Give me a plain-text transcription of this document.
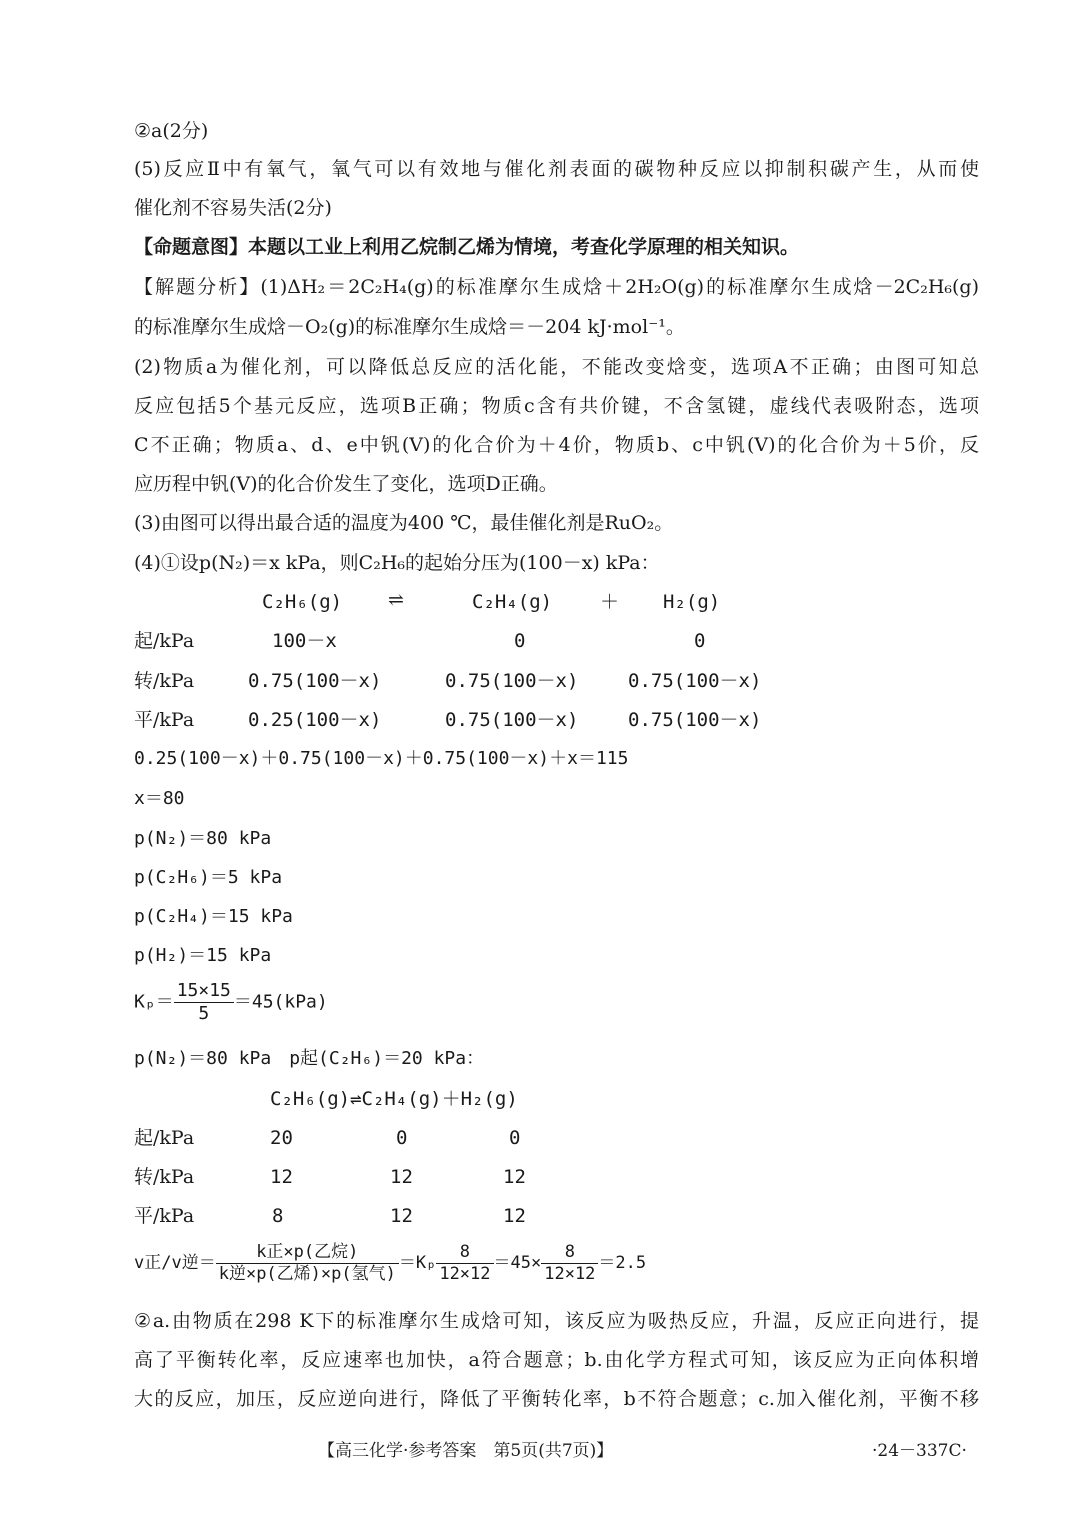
②a(2分)
(5)反应Ⅱ中有氧气，氧气可以有效地与催化剂表面的碳物种反应以抑制积碳产生，从而使
催化剂不容易失活(2分)
【命题意图】本题以工业上利用乙烷制乙烯为情境，考查化学原理的相关知识。
【解题分析】(1)ΔH₂＝2C₂H₄(g)的标准摩尔生成焓＋2H₂O(g)的标准摩尔生成焓－2C₂H₆(g)
的标准摩尔生成焓－O₂(g)的标准摩尔生成焓＝－204 kJ·mol⁻¹。
(2)物质a为催化剂，可以降低总反应的活化能，不能改变焓变，选项A不正确；由图可知总
反应包括5个基元反应，选项B正确；物质c含有共价键，不含氢键，虚线代表吸附态，选项
C不正确；物质a、d、e中钒(V)的化合价为＋4价，物质b、c中钒(V)的化合价为＋5价，反
应历程中钒(V)的化合价发生了变化，选项D正确。
(3)由图可以得出最合适的温度为400 ℃，最佳催化剂是RuO₂。
(4)①设p(N₂)＝x kPa，则C₂H₆的起始分压为(100－x) kPa：
C₂H₆(g) ⇌	C₂H₄(g)	＋ H₂(g)
起/kPa	100－x	0	0
转/kPa	0.75(100－x)	0.75(100－x)	0.75(100－x)
平/kPa	0.25(100－x)	0.75(100－x)	0.75(100－x)
0.25(100－x)＋0.75(100－x)＋0.75(100－x)＋x＝115
x＝80
p(N₂)＝80 kPa
p(C₂H₆)＝5 kPa
p(C₂H₄)＝15 kPa
p(H₂)＝15 kPa
$K_p= \frac{15\times 15}{5} =45(kPa)$
p(N₂)＝80 kPa　p起(C₂H₆)＝20 kPa：
C₂H₆(g)⇌C₂H₄(g)＋H₂(g)
起/kPa	20	0	0
转/kPa	12	12	12
平/kPa	8	12	12
v正/v逆＝ $\frac{\text{k正×p(乙烷)}}{\text{k逆×p(乙烯)×p(氢气)}} =K_p \frac{8}{12\times 12} =45\times \frac{8}{12\times 12} =2.5$
②a.由物质在298 K下的标准摩尔生成焓可知，该反应为吸热反应，升温，反应正向进行，提
高了平衡转化率，反应速率也加快，a符合题意；b.由化学方程式可知，该反应为正向体积增
大的反应，加压，反应逆向进行，降低了平衡转化率，b不符合题意；c.加入催化剂，平衡不移
【高三化学·参考答案　第5页(共7页)】	·24－337C·
